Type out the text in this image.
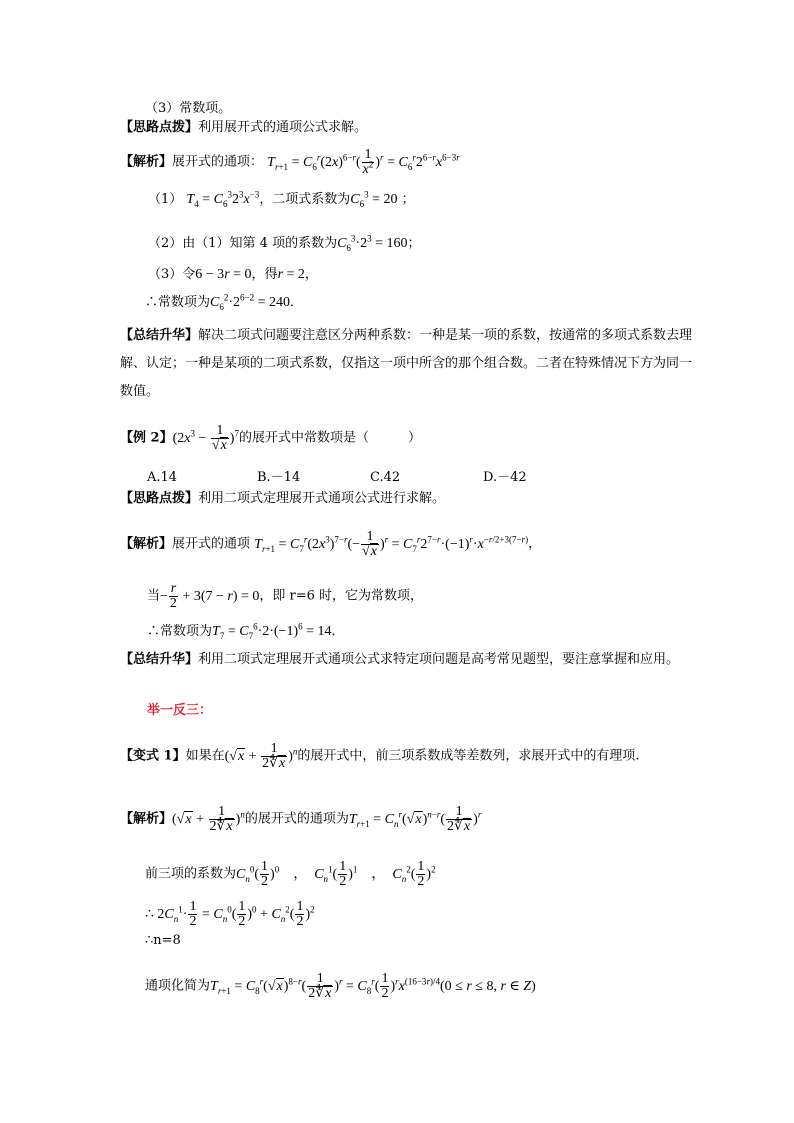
（3）常数项。
【思路点拨】利用展开式的通项公式求解。
【解析】展开式的通项： $T_{r+1} = C_6^r(2x)^{6-r}( \frac{1}{x^2} )^r = C_6^r2^{6-r}x^{6-3r}$
（1） $T_4 = C_6^32^3x^{-3}$，二项式系数为$C_6^3 = 20$ ；
（2）由（1）知第 4 项的系数为$C_6^3\cdot 2^3 = 160$；
（3）令6 − 3r = 0，得r = 2，
∴常数项为$C_6^2\cdot 2^{6-2} = 240$．
【总结升华】解决二项式问题要注意区分两种系数：一种是某一项的系数，按通常的多项式系数去理解、认定；一种是某项的二项式系数，仅指这一项中所含的那个组合数。二者在特殊情况下方为同一数值。
【例 2】$(2x^3 - \frac{1}{√x} )^7$的展开式中常数项是（　　　）
A.14	B.－14	C.42	D.－42
【思路点拨】利用二项式定理展开式通项公式进行求解。
【解析】展开式的通项 $T_{r+1} = C_7^r(2x^3)^{7-r}(- \frac{1}{√x} )^r = C_7^r2^{7-r}\cdot(-1)^r\cdot x^{-r/2+3(7-r)}$，
当− $\frac{r}{2} + 3(7 - r) = 0$，即 r=6 时，它为常数项，
∴常数项为$T_7 = C_7^6\cdot 2\cdot(-1)^6 = 14$．
【总结升华】利用二项式定理展开式通项公式求特定项问题是高考常见题型，要注意掌握和应用。
举一反三：
【变式 1】如果在$(√x + \frac{1}{2∜x} )^n$的展开式中，前三项系数成等差数列，求展开式中的有理项.
【解析】$(√x + \frac{1}{2∜x} )^n$的展开式的通项为$T_{r+1} = C_n^r(√x)^{n-r}( \frac{1}{2∜x} )^r$
前三项的系数为$C_n^0( \frac{1}{2} )^0$　，　$C_n^1( \frac{1}{2} )^1$　，　$C_n^2( \frac{1}{2} )^2$
∴ $2C_n^1\cdot \frac{1}{2} = C_n^0( \frac{1}{2} )^0 + C_n^2( \frac{1}{2} )^2$
∴n=8
通项化简为$T_{r+1} = C_8^r(√x)^{8-r}( \frac{1}{2∜x} )^r = C_8^r( \frac{1}{2} )^rx^{(16-3r)/4}(0 \le r \le 8$, r ∈ Z)
